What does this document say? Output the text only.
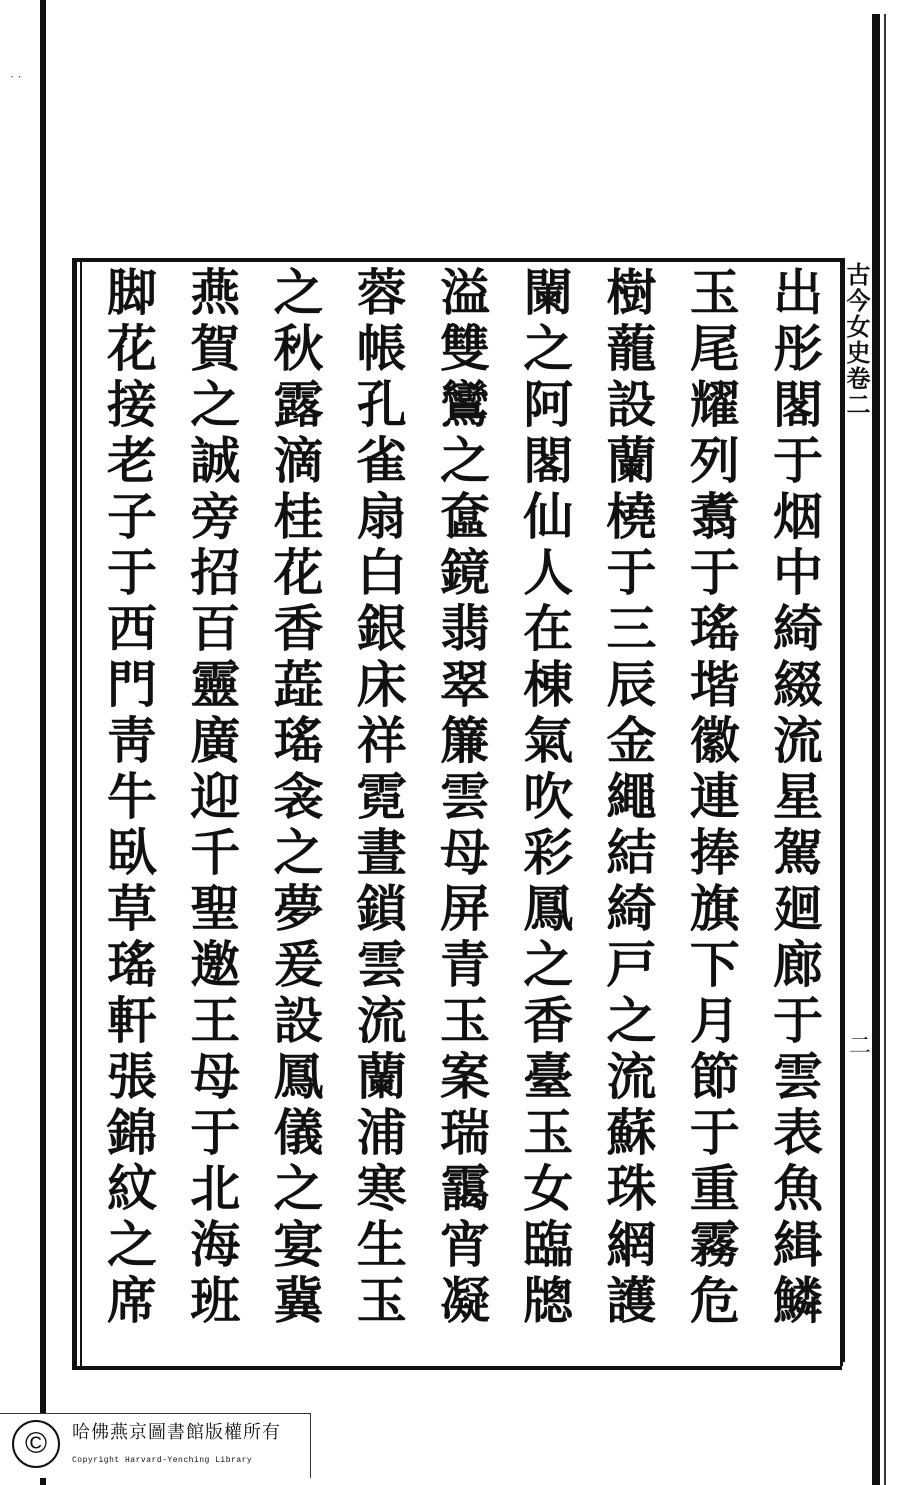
· ·
古今女史卷二
二
出彤閣于烟中綺綴流星駕廻廊于雲表魚緝鱗
玉尾耀列翥于瑤堦徽連捧旗下月節于重霧危
樹蘢設蘭橈于三辰金繩結綺戸之流蘇珠網護
闌之阿閣仙人在棟氣吹彩鳳之香臺玉女臨牕
溢雙鸞之奩鏡翡翠簾雲母屏青玉案瑞靄宵凝
蓉帳孔雀扇白銀床祥霓晝鎖雲流蘭浦寒生玉
之秋露滴桂花香蕋瑤衾之夢爰設鳳儀之宴冀
燕賀之誠旁招百靈廣迎千聖邀王母于北海班
脚花接老子于西門靑牛臥草瑤軒張錦紋之席
©	哈佛燕京圖書館版權所有
Copyright Harvard-Yenching Library
